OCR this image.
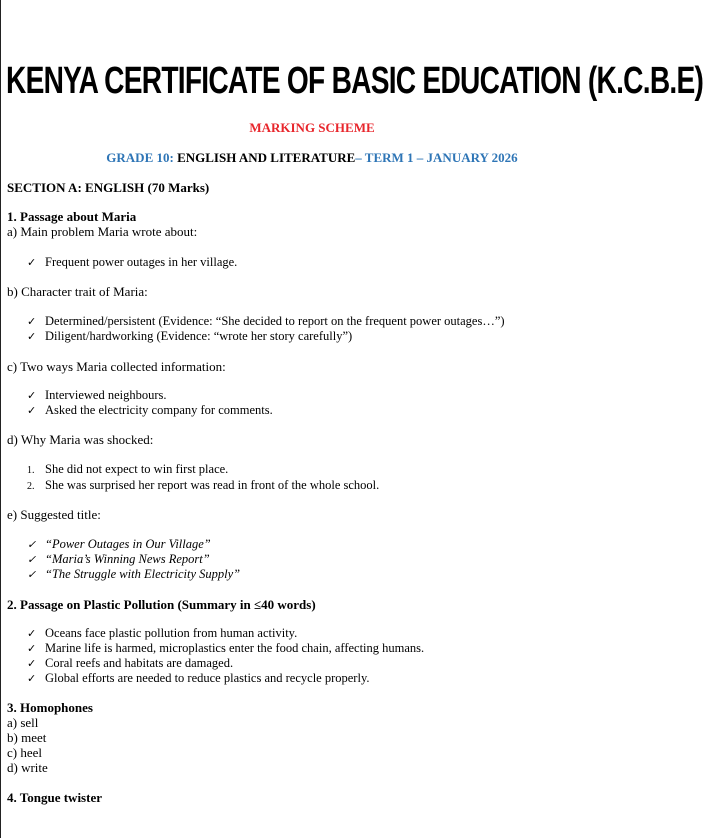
KENYA CERTIFICATE OF BASIC EDUCATION (K.C.B.E)
MARKING SCHEME
GRADE 10: ENGLISH AND LITERATURE– TERM 1 – JANUARY 2026
SECTION A: ENGLISH (70 Marks)
1. Passage about Maria
a) Main problem Maria wrote about:
✓ Frequent power outages in her village.
b) Character trait of Maria:
✓ Determined/persistent (Evidence: “She decided to report on the frequent power outages…”)
✓ Diligent/hardworking (Evidence: “wrote her story carefully”)
c) Two ways Maria collected information:
✓ Interviewed neighbours.
✓ Asked the electricity company for comments.
d) Why Maria was shocked:
1. She did not expect to win first place.
2. She was surprised her report was read in front of the whole school.
e) Suggested title:
✓ “Power Outages in Our Village”
✓ “Maria’s Winning News Report”
✓ “The Struggle with Electricity Supply”
2. Passage on Plastic Pollution (Summary in ≤40 words)
✓ Oceans face plastic pollution from human activity.
✓ Marine life is harmed, microplastics enter the food chain, affecting humans.
✓ Coral reefs and habitats are damaged.
✓ Global efforts are needed to reduce plastics and recycle properly.
3. Homophones
a) sell
b) meet
c) heel
d) write
4. Tongue twister
